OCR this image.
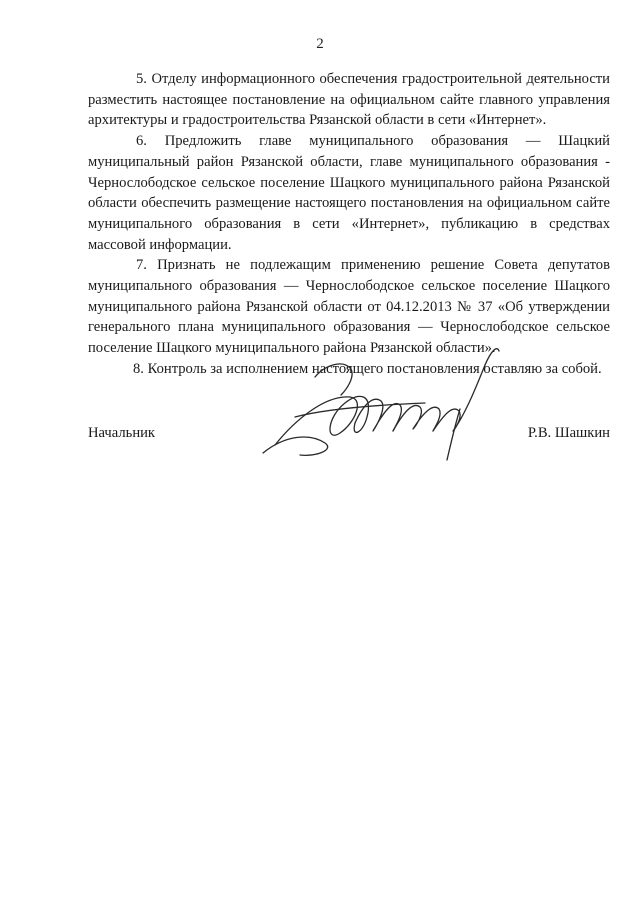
2

5. Отделу информационного обеспечения градостроительной деятельности разместить настоящее постановление на официальном сайте главного управления архитектуры и градостроительства Рязанской области в сети «Интернет».

6. Предложить главе муниципального образования — Шацкий муниципальный район Рязанской области, главе муниципального образования - Чернослободское сельское поселение Шацкого муниципального района Рязанской области обеспечить размещение настоящего постановления на официальном сайте муниципального образования в сети «Интернет», публикацию в средствах массовой информации.

7. Признать не подлежащим применению решение Совета депутатов муниципального образования — Чернослободское сельское поселение Шацкого муниципального района Рязанской области от 04.12.2013 № 37 «Об утверждении генерального плана муниципального образования — Чернослободское сельское поселение Шацкого муниципального района Рязанской области».

8. Контроль за исполнением настоящего постановления оставляю за собой.

Начальник	Р.В. Шашкин
